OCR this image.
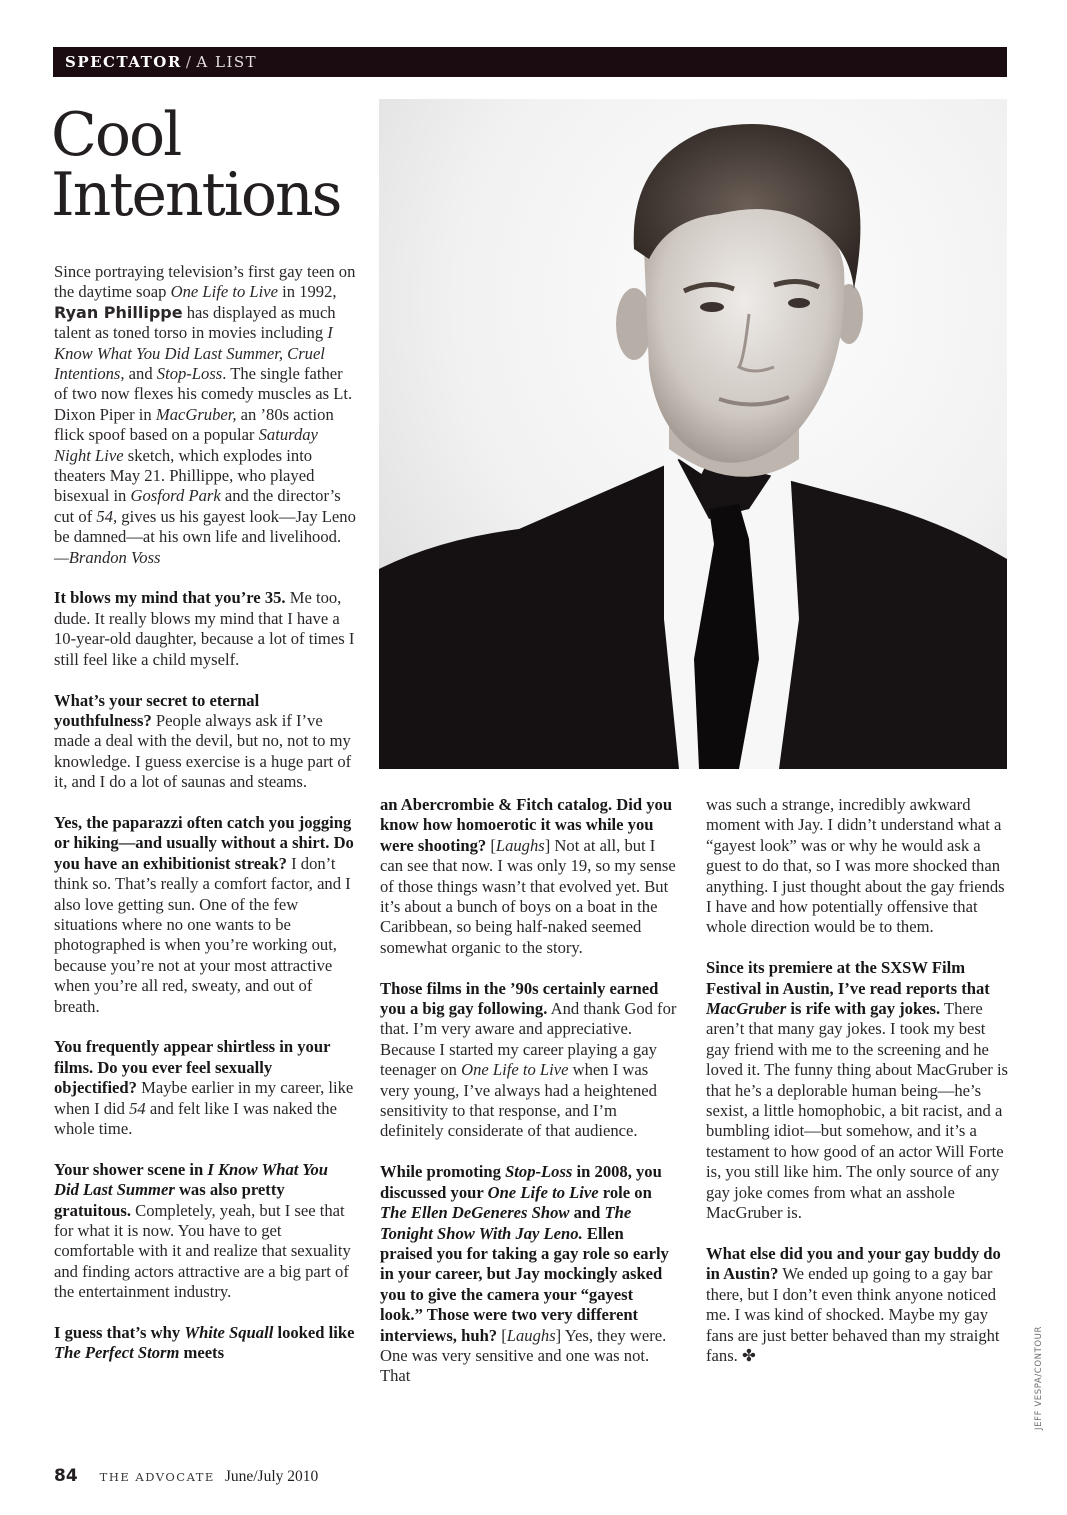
SPECTATOR / A LIST
Cool
Intentions

Since portraying television’s first gay teen on the daytime soap One Life to Live in 1992, Ryan Phillippe has displayed as much talent as toned torso in movies including I Know What You Did Last Summer, Cruel Intentions, and Stop-Loss. The single father of two now flexes his comedy muscles as Lt. Dixon Piper in MacGruber, an ’80s action flick spoof based on a popular Saturday Night Live sketch, which explodes into theaters May 21. Phillippe, who played bisexual in Gosford Park and the director’s cut of 54, gives us his gayest look—Jay Leno be damned—at his own life and livelihood. —Brandon Voss

It blows my mind that you’re 35. Me too, dude. It really blows my mind that I have a 10-year-old daughter, because a lot of times I still feel like a child myself.

What’s your secret to eternal youthfulness? People always ask if I’ve made a deal with the devil, but no, not to my knowledge. I guess exercise is a huge part of it, and I do a lot of saunas and steams.

Yes, the paparazzi often catch you jogging or hiking—and usually without a shirt. Do you have an exhibitionist streak? I don’t think so. That’s really a comfort factor, and I also love getting sun. One of the few situations where no one wants to be photographed is when you’re working out, because you’re not at your most attractive when you’re all red, sweaty, and out of breath.

You frequently appear shirtless in your films. Do you ever feel sexually objectified? Maybe earlier in my career, like when I did 54 and felt like I was naked the whole time.

Your shower scene in I Know What You Did Last Summer was also pretty gratuitous. Completely, yeah, but I see that for what it is now. You have to get comfortable with it and realize that sexuality and finding actors attractive are a big part of the entertainment industry.

I guess that’s why White Squall looked like The Perfect Storm meets

an Abercrombie & Fitch catalog. Did you know how homoerotic it was while you were shooting? [Laughs] Not at all, but I can see that now. I was only 19, so my sense of those things wasn’t that evolved yet. But it’s about a bunch of boys on a boat in the Caribbean, so being half-naked seemed somewhat organic to the story.

Those films in the ’90s certainly earned you a big gay following. And thank God for that. I’m very aware and appreciative. Because I started my career playing a gay teenager on One Life to Live when I was very young, I’ve always had a heightened sensitivity to that response, and I’m definitely considerate of that audience.

While promoting Stop-Loss in 2008, you discussed your One Life to Live role on The Ellen DeGeneres Show and The Tonight Show With Jay Leno. Ellen praised you for taking a gay role so early in your career, but Jay mockingly asked you to give the camera your “gayest look.” Those were two very different interviews, huh? [Laughs] Yes, they were. One was very sensitive and one was not. That

was such a strange, incredibly awkward moment with Jay. I didn’t understand what a “gayest look” was or why he would ask a guest to do that, so I was more shocked than anything. I just thought about the gay friends I have and how potentially offensive that whole direction would be to them.

Since its premiere at the SXSW Film Festival in Austin, I’ve read reports that MacGruber is rife with gay jokes. There aren’t that many gay jokes. I took my best gay friend with me to the screening and he loved it. The funny thing about MacGruber is that he’s a deplorable human being—he’s sexist, a little homophobic, a bit racist, and a bumbling idiot—but somehow, and it’s a testament to how good of an actor Will Forte is, you still like him. The only source of any gay joke comes from what an asshole MacGruber is.

What else did you and your gay buddy do in Austin? We ended up going to a gay bar there, but I don’t even think anyone noticed me. I was kind of shocked. Maybe my gay fans are just better behaved than my straight fans. ✤	JEFF VESPA/CONTOUR
84 THE ADVOCATE June/July 2010
